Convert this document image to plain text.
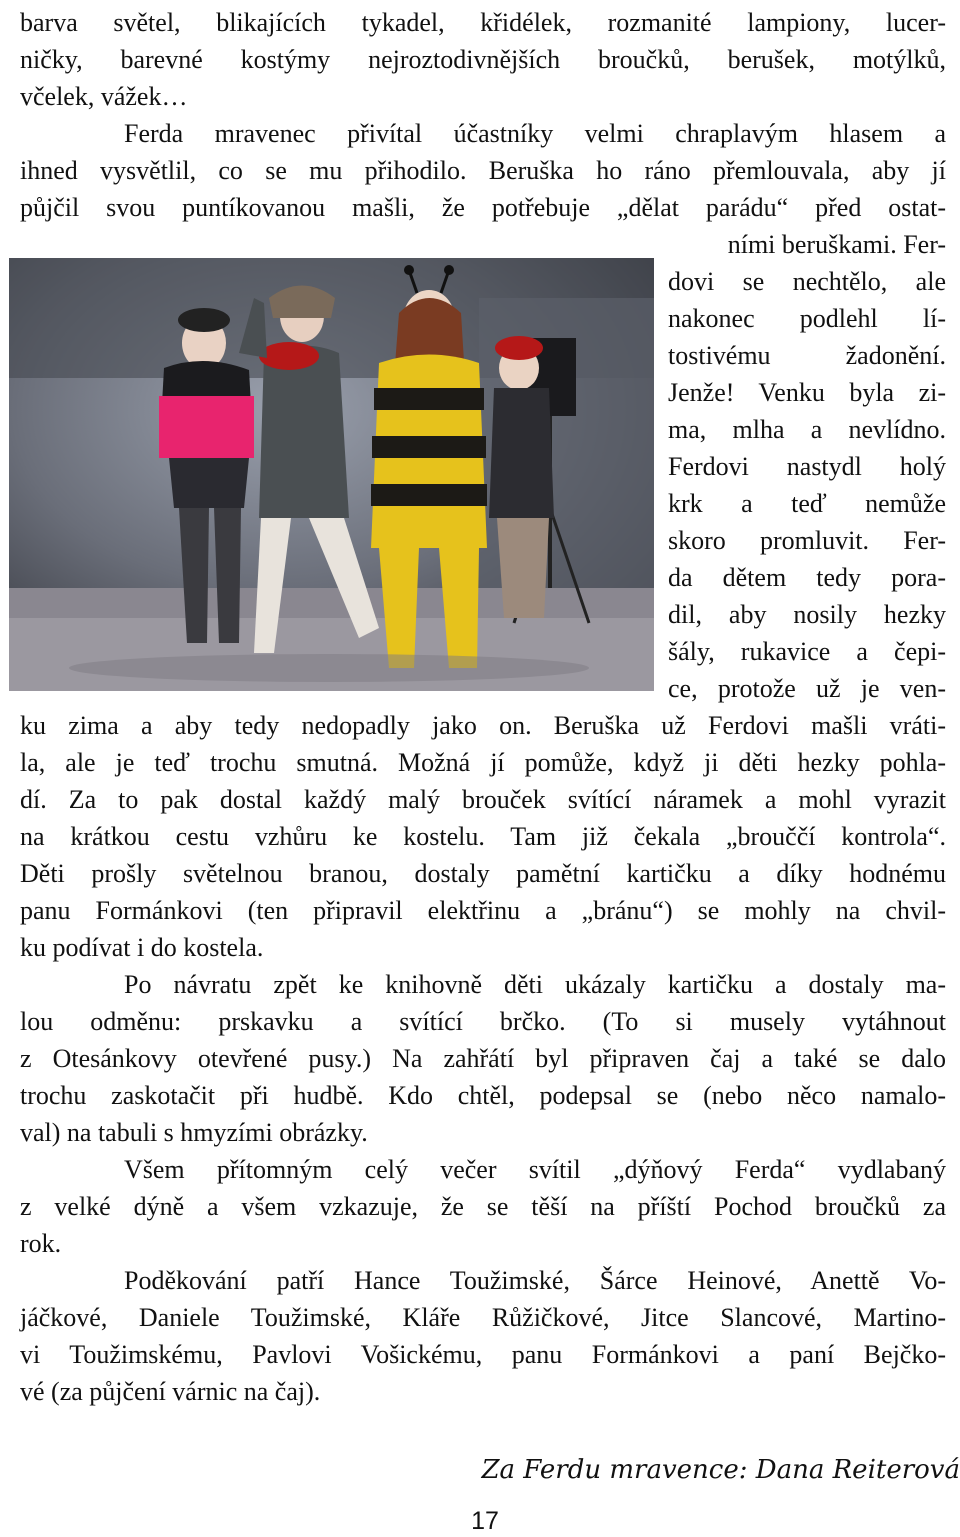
barva světel, blikajících tykadel, křidélek, rozmanité lampiony, lucer-
ničky, barevné kostýmy nejroztodivnějších broučků, berušek, motýlků,
včelek, vážek…
Ferda mravenec přivítal účastníky velmi chraplavým hlasem a
ihned vysvětlil, co se mu přihodilo. Beruška ho ráno přemlouvala, aby jí
půjčil svou puntíkovanou mašli, že potřebuje „dělat parádu“ před ostat-
ními beruškami. Fer-
dovi se nechtělo, ale
nakonec podlehl lí-
tostivému žadonění.
Jenže! Venku byla zi-
ma, mlha a nevlídno.
Ferdovi nastydl holý
krk a teď nemůže
skoro promluvit. Fer-
da dětem tedy pora-
dil, aby nosily hezky
šály, rukavice a čepi-
ce, protože už je ven-
ku zima a aby tedy nedopadly jako on. Beruška už Ferdovi mašli vráti-
la, ale je teď trochu smutná. Možná jí pomůže, když ji děti hezky pohla-
dí. Za to pak dostal každý malý brouček svítící náramek a mohl vyrazit
na krátkou cestu vzhůru ke kostelu. Tam již čekala „brouččí kontrola“.
Děti prošly světelnou branou, dostaly pamětní kartičku a díky hodnému
panu Formánkovi (ten připravil elektřinu a „bránu“) se mohly na chvil-
ku podívat i do kostela.
Po návratu zpět ke knihovně děti ukázaly kartičku a dostaly ma-
lou odměnu: prskavku a svítící brčko. (To si musely vytáhnout
z Otesánkovy otevřené pusy.) Na zahřátí byl připraven čaj a také se dalo
trochu zaskotačit při hudbě. Kdo chtěl, podepsal se (nebo něco namalo-
val) na tabuli s hmyzími obrázky.
Všem přítomným celý večer svítil „dýňový Ferda“ vydlabaný
z velké dýně a všem vzkazuje, že se těší na příští Pochod broučků za
rok.
Poděkování patří Hance Toužimské, Šárce Heinové, Anettě Vo-
jáčkové, Daniele Toužimské, Kláře Růžičkové, Jitce Slancové, Martino-
vi Toužimskému, Pavlovi Vošickému, panu Formánkovi a paní Bejčko-
vé (za půjčení várnic na čaj).
Za Ferdu mravence: Dana Reiterová
17
